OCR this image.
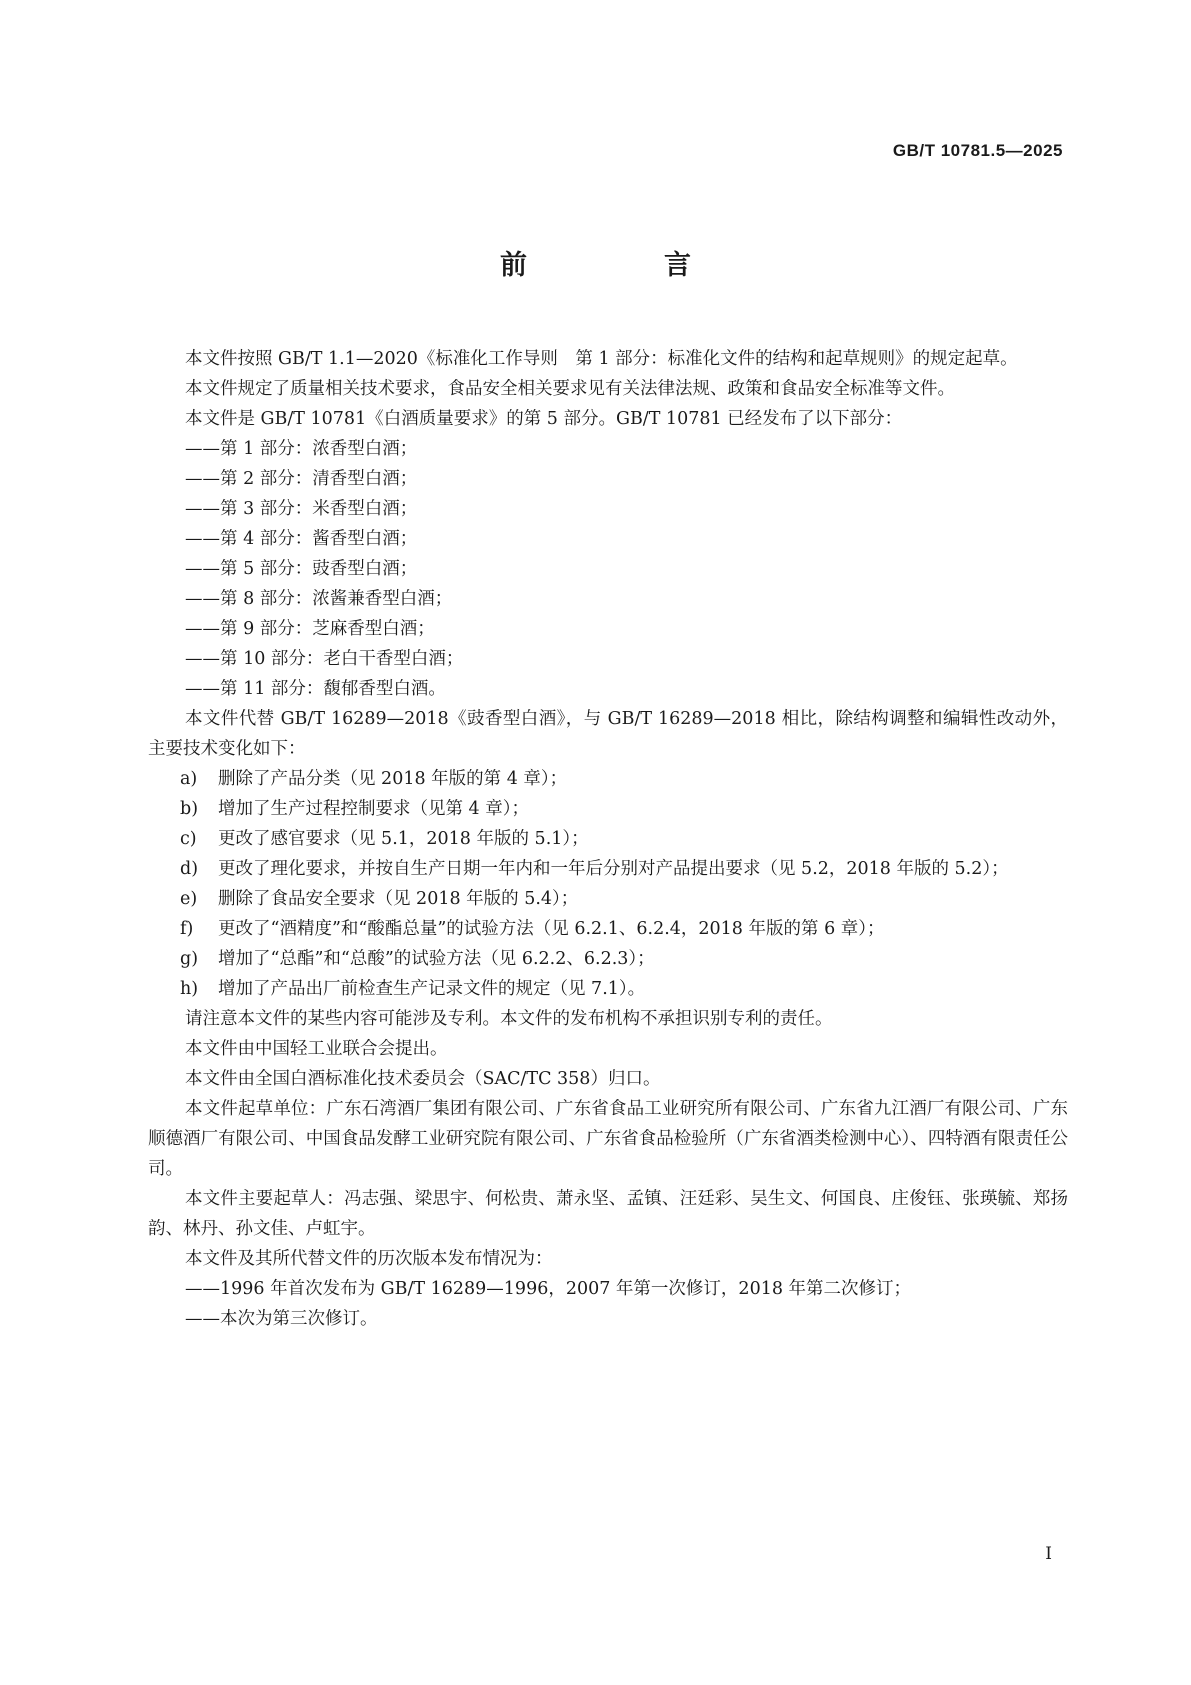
GB/T 10781.5—2025
前　言

本文件按照 GB/T 1.1—2020《标准化工作导则　第 1 部分：标准化文件的结构和起草规则》的规定起草。

本文件规定了质量相关技术要求，食品安全相关要求见有关法律法规、政策和食品安全标准等文件。

本文件是 GB/T 10781《白酒质量要求》的第 5 部分。GB/T 10781 已经发布了以下部分：

——第 1 部分：浓香型白酒；

——第 2 部分：清香型白酒；

——第 3 部分：米香型白酒；

——第 4 部分：酱香型白酒；

——第 5 部分：豉香型白酒；

——第 8 部分：浓酱兼香型白酒；

——第 9 部分：芝麻香型白酒；

——第 10 部分：老白干香型白酒；

——第 11 部分：馥郁香型白酒。

本文件代替 GB/T 16289—2018《豉香型白酒》，与 GB/T 16289—2018 相比，除结构调整和编辑性改动外，主要技术变化如下：

a) 删除了产品分类（见 2018 年版的第 4 章）；

b) 增加了生产过程控制要求（见第 4 章）；

c) 更改了感官要求（见 5.1，2018 年版的 5.1）；

d) 更改了理化要求，并按自生产日期一年内和一年后分别对产品提出要求（见 5.2，2018 年版的 5.2）；

e) 删除了食品安全要求（见 2018 年版的 5.4）；

f) 更改了“酒精度”和“酸酯总量”的试验方法（见 6.2.1、6.2.4，2018 年版的第 6 章）；

g) 增加了“总酯”和“总酸”的试验方法（见 6.2.2、6.2.3）；

h) 增加了产品出厂前检查生产记录文件的规定（见 7.1）。

请注意本文件的某些内容可能涉及专利。本文件的发布机构不承担识别专利的责任。

本文件由中国轻工业联合会提出。

本文件由全国白酒标准化技术委员会（SAC/TC 358）归口。

本文件起草单位：广东石湾酒厂集团有限公司、广东省食品工业研究所有限公司、广东省九江酒厂有限公司、广东顺德酒厂有限公司、中国食品发酵工业研究院有限公司、广东省食品检验所（广东省酒类检测中心）、四特酒有限责任公司。

本文件主要起草人：冯志强、梁思宇、何松贵、萧永坚、孟镇、汪廷彩、吴生文、何国良、庄俊钰、张瑛毓、郑扬韵、林丹、孙文佳、卢虹宇。

本文件及其所代替文件的历次版本发布情况为：

——1996 年首次发布为 GB/T 16289—1996，2007 年第一次修订，2018 年第二次修订；

——本次为第三次修订。

I
